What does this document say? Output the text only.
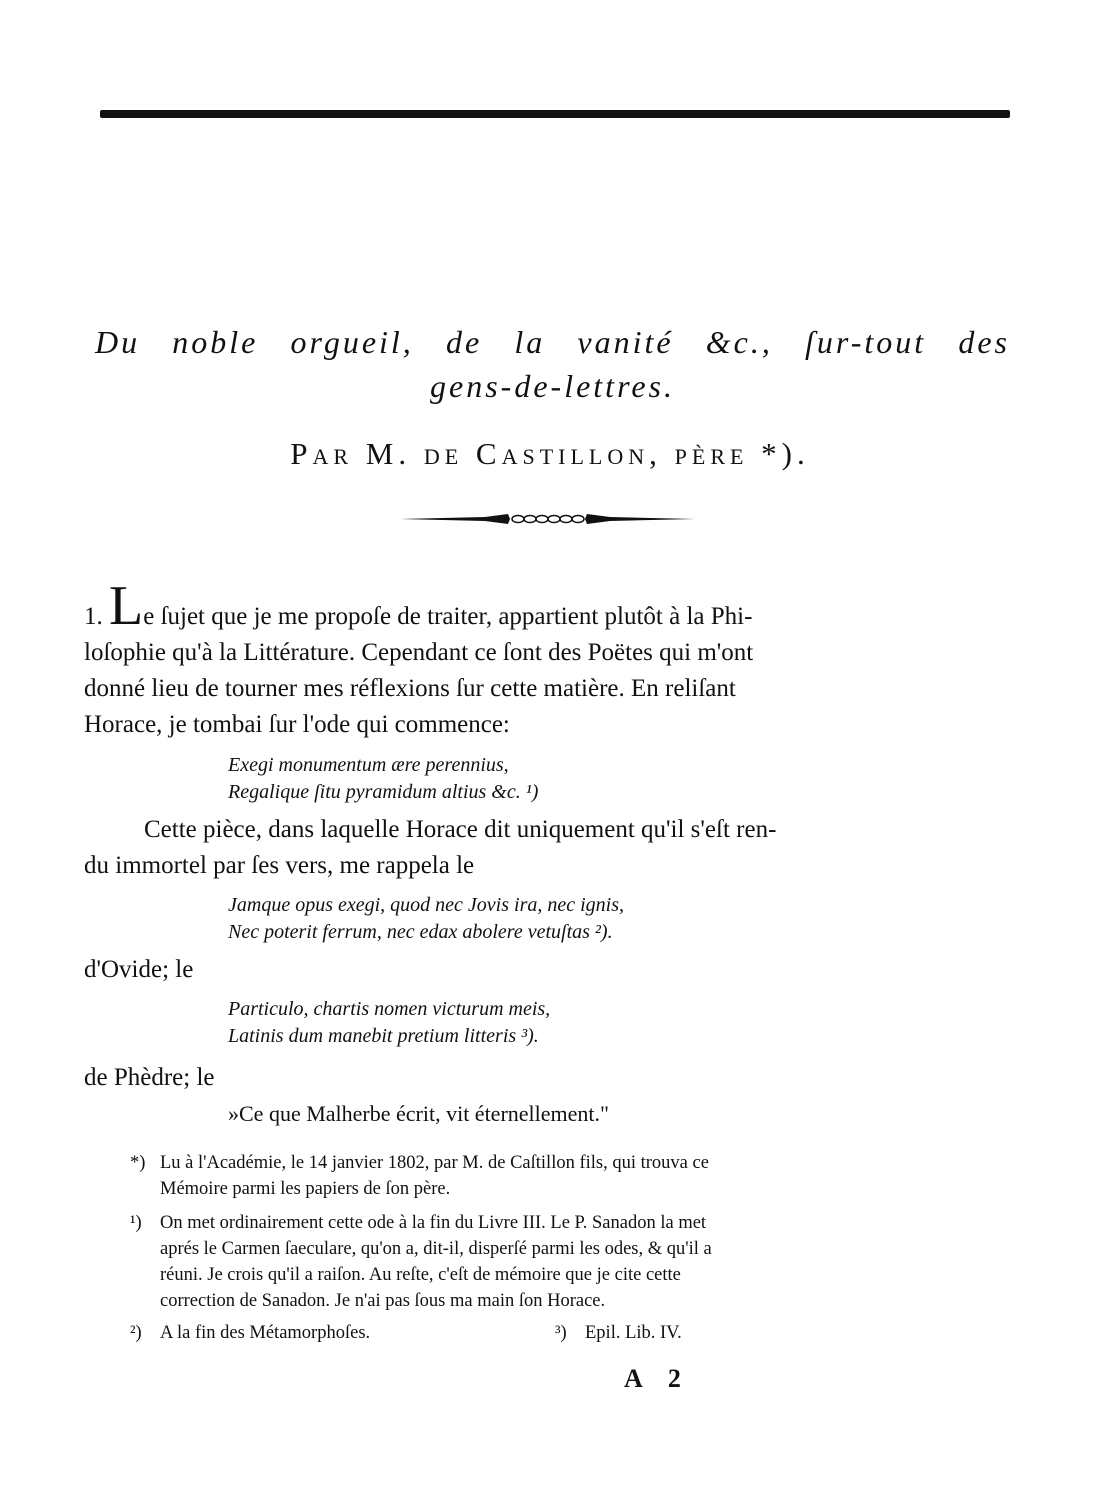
Du noble orgueil, de la vanité &c., ſur-tout des
gens-de-lettres.
Par M. de Castillon, père *).
1. Le ſujet que je me propoſe de traiter, appartient plutôt à la Phi-
loſophie qu'à la Littérature. Cependant ce ſont des Poëtes qui m'ont
donné lieu de tourner mes réflexions ſur cette matière. En reliſant
Horace, je tombai ſur l'ode qui commence:
Exegi monumentum ære perennius,
Regalique ſitu pyramidum altius &c. ¹)
Cette pièce, dans laquelle Horace dit uniquement qu'il s'eſt ren-
du immortel par ſes vers, me rappela le
Jamque opus exegi, quod nec Jovis ira, nec ignis,
Nec poterit ferrum, nec edax abolere vetuſtas ²).
d'Ovide; le
Particulo, chartis nomen victurum meis,
Latinis dum manebit pretium litteris ³).
de Phèdre; le
»Ce que Malherbe écrit, vit éternellement."
*) Lu à l'Académie, le 14 janvier 1802, par M. de Caſtillon fils, qui trouva ce
Mémoire parmi les papiers de ſon père.
¹) On met ordinairement cette ode à la fin du Livre III. Le P. Sanadon la met
aprés le Carmen ſaeculare, qu'on a, dit-il, disperſé parmi les odes, & qu'il a
réuni. Je crois qu'il a raiſon. Au reſte, c'eſt de mémoire que je cite cette
correction de Sanadon. Je n'ai pas ſous ma main ſon Horace.
²) A la fin des Métamorphoſes.	³) Epil. Lib. IV.
A 2
